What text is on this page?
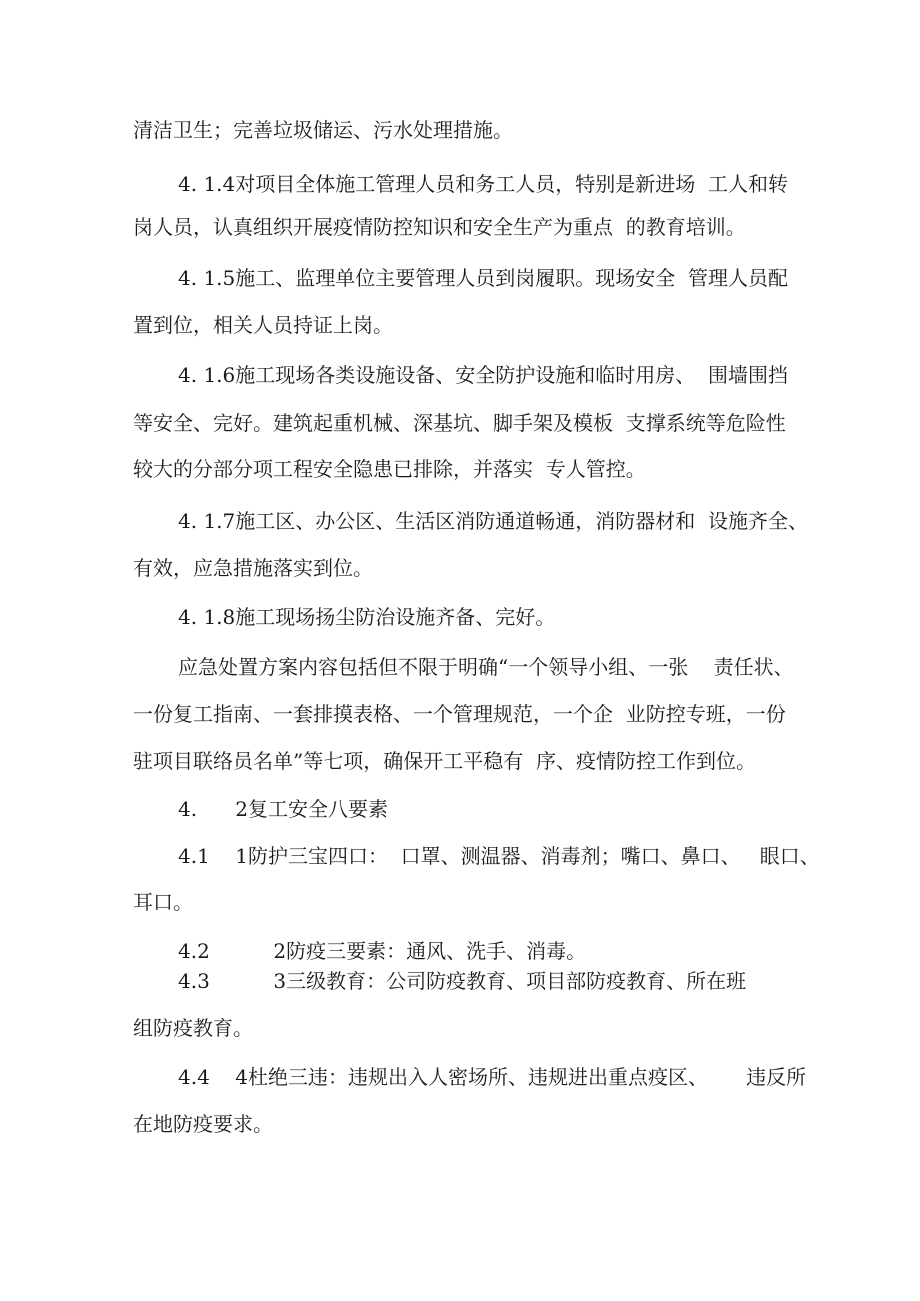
清洁卫生；完善垃圾储运、污水处理措施。
4. 1.4对项目全体施工管理人员和务工人员，特别是新进场  工人和转
岗人员，认真组织开展疫情防控知识和安全生产为重点  的教育培训。
4. 1.5施工、监理单位主要管理人员到岗履职。现场安全  管理人员配
置到位，相关人员持证上岗。
4. 1.6施工现场各类设施设备、安全防护设施和临时用房、  围墙围挡
等安全、完好。建筑起重机械、深基坑、脚手架及模板  支撑系统等危险性
较大的分部分项工程安全隐患已排除，并落实  专人管控。
4. 1.7施工区、办公区、生活区消防通道畅通，消防器材和  设施齐全、
有效，应急措施落实到位。
4. 1.8施工现场扬尘防治设施齐备、完好。
应急处置方案内容包括但不限于明确“一个领导小组、一张    责任状、
一份复工指南、一套排摸表格、一个管理规范，一个企  业防控专班，一份
驻项目联络员名单”等七项，确保开工平稳有  序、疫情防控工作到位。
4.      2复工安全八要素
4.1    1防护三宝四口：  口罩、测温器、消毒剂；嘴口、鼻口、   眼口、
耳口。
4.2          2防疫三要素：通风、洗手、消毒。
4.3          3三级教育：公司防疫教育、项目部防疫教育、所在班
组防疫教育。
4.4    4杜绝三违：违规出入人密场所、违规进出重点疫区、      违反所
在地防疫要求。
